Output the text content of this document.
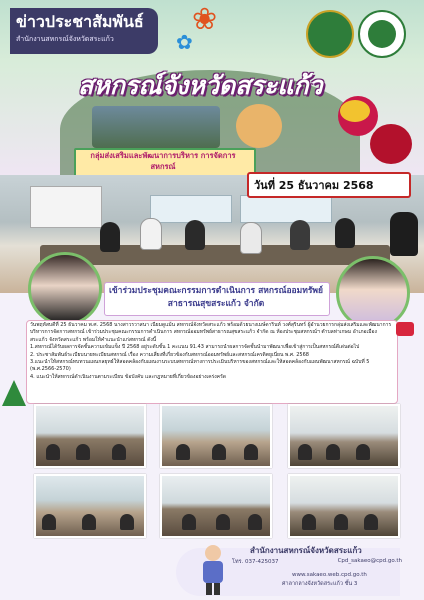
❀
✿
ข่าวประชาสัมพันธ์
สำนักงานสหกรณ์จังหวัดสระแก้ว
สหกรณ์จังหวัดสระแก้ว
กลุ่มส่งเสริมและพัฒนาการบริหาร การจัดการสหกรณ์
วันที่ 25 ธันวาคม 2568
เข้าร่วมประชุมคณะกรรมการดำเนินการ สหกรณ์ออมทรัพย์สาธารณสุขสระแก้ว จำกัด

วันพฤหัสบดีที่ 25 ธันวาคม พ.ศ. 2568 นางสาวรวาสนา เนียมดูแม้น สหกรณ์จังหวัดสระแก้ว พร้อมด้วยนางเมษ์ดารินท์ วงศ์สุรินทร์ ผู้อำนวยการกลุ่มส่งเสริมและพัฒนาการบริหารการจัดการสหกรณ์ เข้าร่วมประชุมคณะกรรมการดำเนินการ สหกรณ์ออมทรัพย์สาธารณสุขสระแก้ว จำกัด ณ ห้องประชุมสหกรณ์ฯ ตำบลท่าเกษม อำเภอเมืองสระแก้ว จังหวัดสระแก้ว พร้อมให้คำแนะนำแก่สหกรณ์ ดังนี้

1.สหกรณ์ได้รับผลการจัดชั้นความเข้มแข็ง ปี 2568 อยู่ระดับชั้น 1 คะแนน 91.43 สามารถนำผลการจัดชั้นนำมาพัฒนาเพื่อเข้าสู่การเป็นสหกรณ์ดีเด่นต่อไป

2. ประชาสัมพันธ์ระเบียบนายทะเบียนสหกรณ์ เรื่อง ความเสี่ยงที่เกี่ยวข้องกับสหกรณ์ออมทรัพย์และสหกรณ์เครดิตยูเนี่ยน พ.ศ. 2568

3.แนะนำให้สหกรณ์ทบทวนแผนกลยุทธ์ให้สอดคล้องกับแผนงานระบบสหกรณ์ทางการประเมินบริหารของสหกรณ์และให้สอดคล้องกับแผนพัฒนาสหกรณ์ ฉบับที่ 5 (พ.ศ.2566-2570)

4. แนะนำให้สหกรณ์ดำเนินงานตามระเบียบ ข้อบังคับ และกฎหมายที่เกี่ยวข้องอย่างเคร่งครัด

สำนักงานสหกรณ์จังหวัดสระแก้ว
โทร. 037-425037	Cpd_sakaeo@cpd.go.th
www.sakaeo.web.cpd.go.th
ศาลากลางจังหวัดสระแก้ว ชั้น 3
